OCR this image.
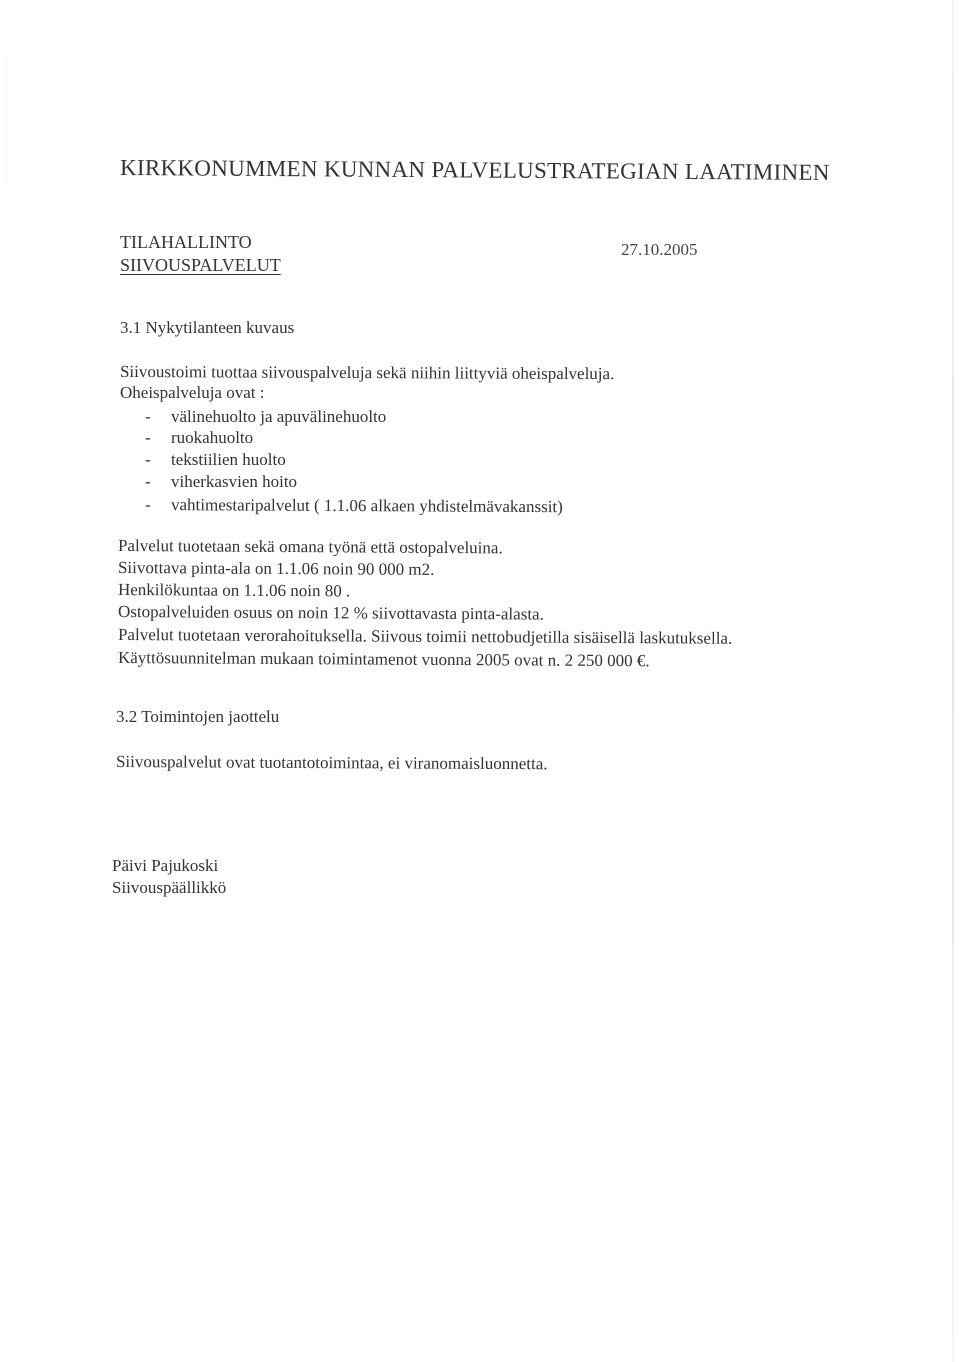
KIRKKONUMMEN KUNNAN PALVELUSTRATEGIAN LAATIMINEN
TILAHALLINTO
SIIVOUSPALVELUT
27.10.2005
3.1 Nykytilanteen kuvaus
Siivoustoimi tuottaa siivouspalveluja sekä niihin liittyviä oheispalveluja.
Oheispalveluja ovat :
- välinehuolto ja apuvälinehuolto
- ruokahuolto
- tekstiilien huolto
- viherkasvien hoito
- vahtimestaripalvelut ( 1.1.06 alkaen yhdistelmävakanssit)
Palvelut tuotetaan sekä omana työnä että ostopalveluina.
Siivottava pinta-ala on 1.1.06 noin 90 000 m2.
Henkilökuntaa on 1.1.06 noin 80 .
Ostopalveluiden osuus on noin 12 % siivottavasta pinta-alasta.
Palvelut tuotetaan verorahoituksella. Siivous toimii nettobudjetilla sisäisellä laskutuksella.
Käyttösuunnitelman mukaan toimintamenot vuonna 2005 ovat n. 2 250 000 €.
3.2 Toimintojen jaottelu
Siivouspalvelut ovat tuotantotoimintaa, ei viranomaisluonnetta.
Päivi Pajukoski
Siivouspäällikkö
